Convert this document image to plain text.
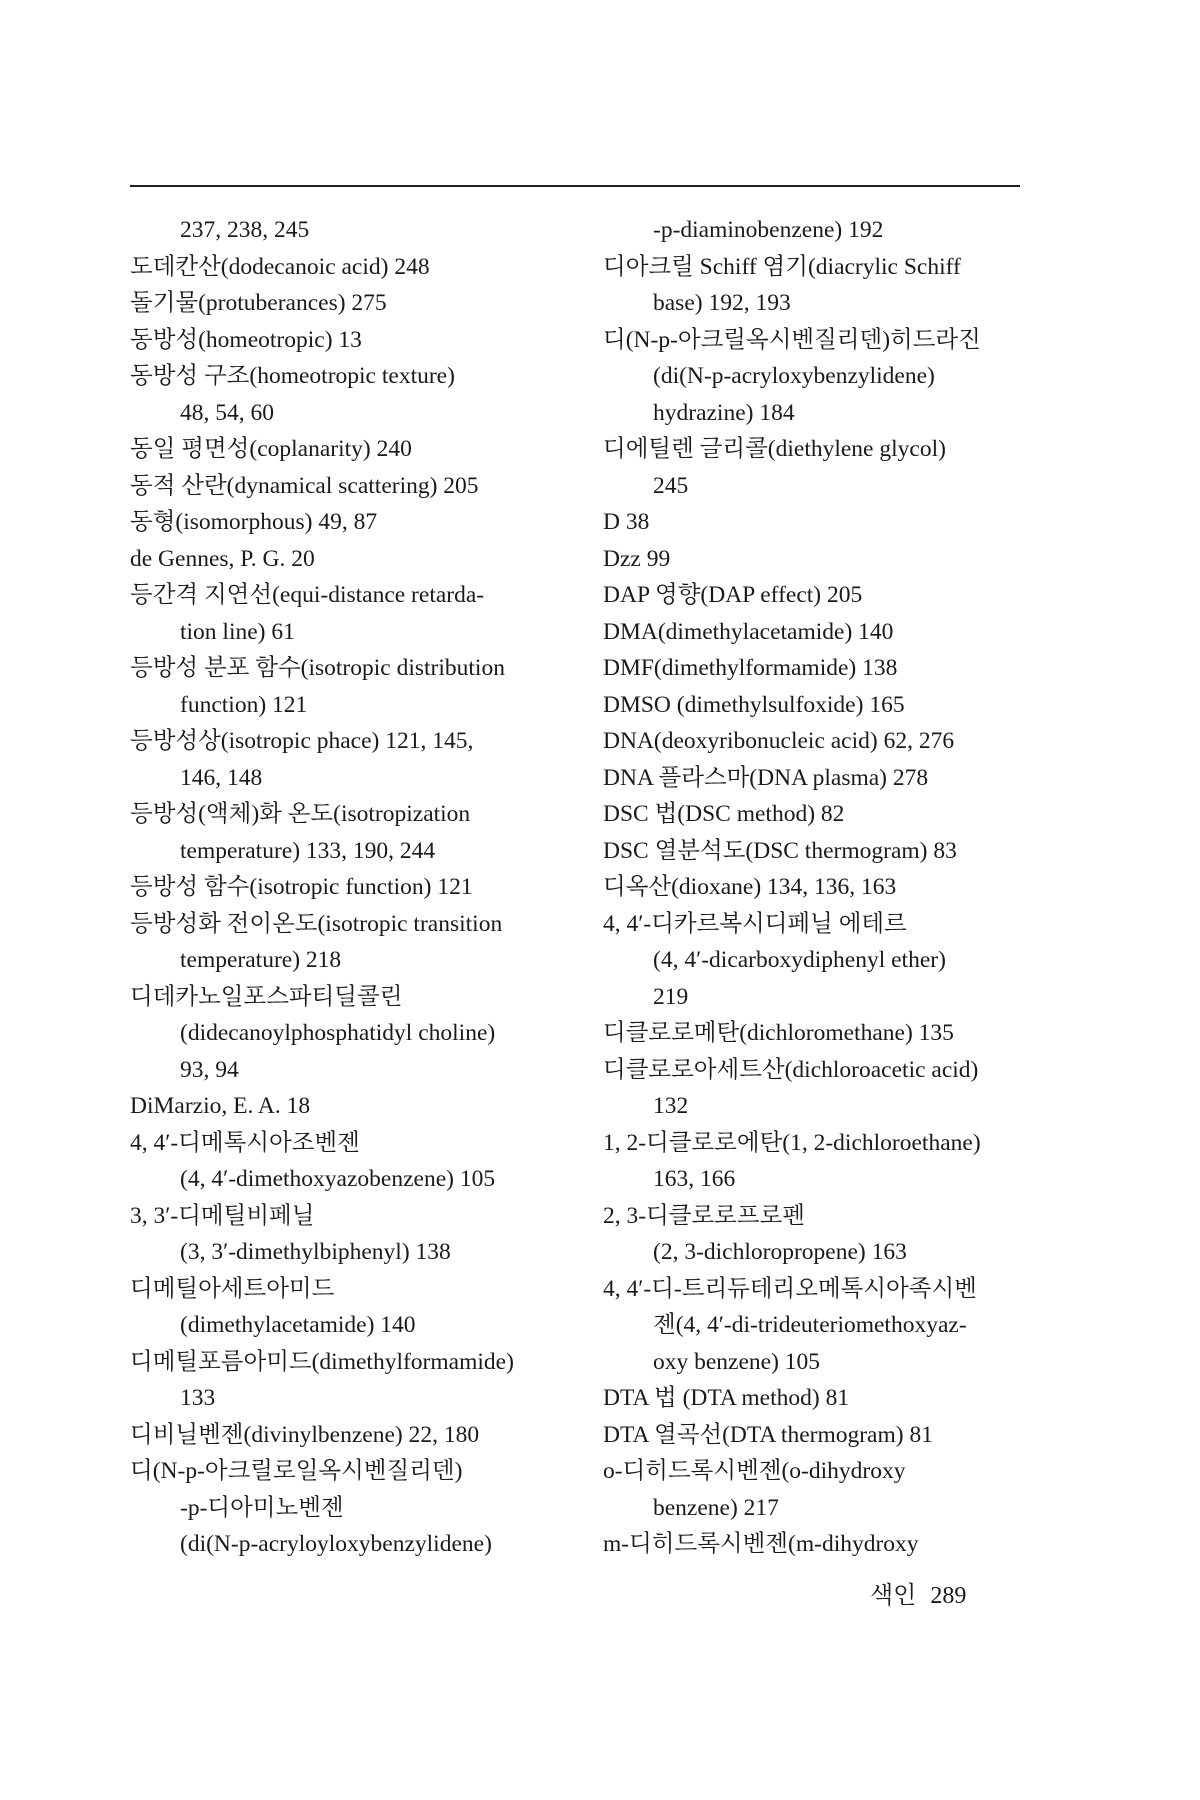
237, 238, 245
도데칸산(dodecanoic acid) 248
돌기물(protuberances) 275
동방성(homeotropic) 13
동방성 구조(homeotropic texture)
48, 54, 60
동일 평면성(coplanarity) 240
동적 산란(dynamical scattering) 205
동형(isomorphous) 49, 87
de Gennes, P. G. 20
등간격 지연선(equi-distance retarda-
tion line) 61
등방성 분포 함수(isotropic distribution
function) 121
등방성상(isotropic phace) 121, 145,
146, 148
등방성(액체)화 온도(isotropization
temperature) 133, 190, 244
등방성 함수(isotropic function) 121
등방성화 전이온도(isotropic transition
temperature) 218
디데카노일포스파티딜콜린
(didecanoylphosphatidyl choline)
93, 94
DiMarzio, E. A. 18
4, 4′-디메톡시아조벤젠
(4, 4′-dimethoxyazobenzene) 105
3, 3′-디메틸비페닐
(3, 3′-dimethylbiphenyl) 138
디메틸아세트아미드
(dimethylacetamide) 140
디메틸포름아미드(dimethylformamide)
133
디비닐벤젠(divinylbenzene) 22, 180
디(N-p-아크릴로일옥시벤질리덴)
-p-디아미노벤젠
(di(N-p-acryloyloxybenzylidene)
-p-diaminobenzene) 192
디아크릴 Schiff 염기(diacrylic Schiff
base) 192, 193
디(N-p-아크릴옥시벤질리덴)히드라진
(di(N-p-acryloxybenzylidene)
hydrazine) 184
디에틸렌 글리콜(diethylene glycol)
245
D 38
Dzz 99
DAP 영향(DAP effect) 205
DMA(dimethylacetamide) 140
DMF(dimethylformamide) 138
DMSO (dimethylsulfoxide) 165
DNA(deoxyribonucleic acid) 62, 276
DNA 플라스마(DNA plasma) 278
DSC 법(DSC method) 82
DSC 열분석도(DSC thermogram) 83
디옥산(dioxane) 134, 136, 163
4, 4′-디카르복시디페닐 에테르
(4, 4′-dicarboxydiphenyl ether)
219
디클로로메탄(dichloromethane) 135
디클로로아세트산(dichloroacetic acid)
132
1, 2-디클로로에탄(1, 2-dichloroethane)
163, 166
2, 3-디클로로프로펜
(2, 3-dichloropropene) 163
4, 4′-디-트리듀테리오메톡시아족시벤
젠(4, 4′-di-trideuteriomethoxyaz-
oxy benzene) 105
DTA 법 (DTA method) 81
DTA 열곡선(DTA thermogram) 81
o-디히드록시벤젠(o-dihydroxy
benzene) 217
m-디히드록시벤젠(m-dihydroxy
색인 289
